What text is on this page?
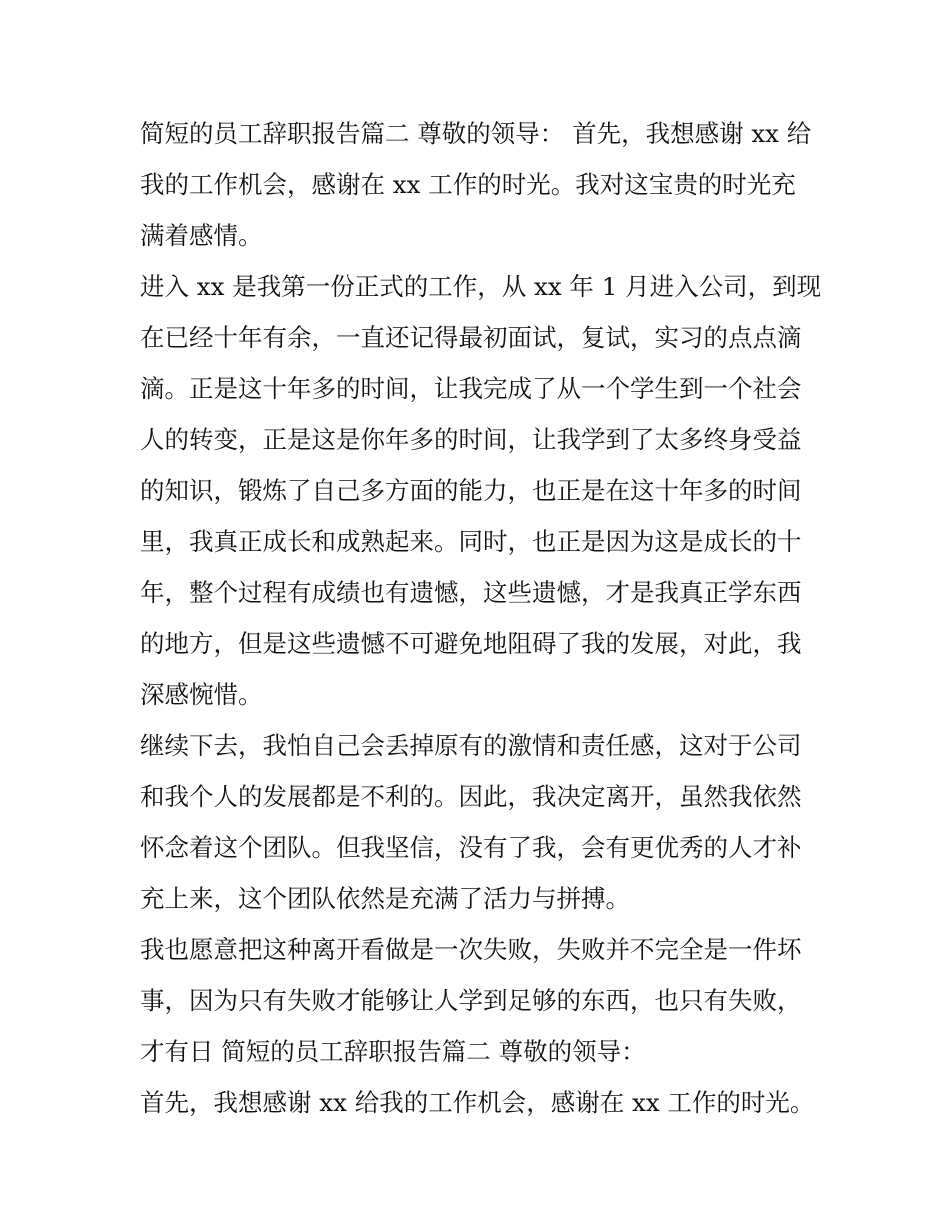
简短的员工辞职报告篇二 尊敬的领导： 首先，我想感谢 xx 给
我的工作机会，感谢在 xx 工作的时光。我对这宝贵的时光充
满着感情。
进入 xx 是我第一份正式的工作，从 xx 年 1 月进入公司，到现
在已经十年有余，一直还记得最初面试，复试，实习的点点滴
滴。正是这十年多的时间，让我完成了从一个学生到一个社会
人的转变，正是这是你年多的时间，让我学到了太多终身受益
的知识，锻炼了自己多方面的能力，也正是在这十年多的时间
里，我真正成长和成熟起来。同时，也正是因为这是成长的十
年，整个过程有成绩也有遗憾，这些遗憾，才是我真正学东西
的地方，但是这些遗憾不可避免地阻碍了我的发展，对此，我
深感惋惜。
继续下去，我怕自己会丢掉原有的激情和责任感，这对于公司
和我个人的发展都是不利的。因此，我决定离开，虽然我依然
怀念着这个团队。但我坚信，没有了我，会有更优秀的人才补
充上来，这个团队依然是充满了活力与拼搏。
我也愿意把这种离开看做是一次失败，失败并不完全是一件坏
事，因为只有失败才能够让人学到足够的东西，也只有失败，
才有日 简短的员工辞职报告篇二 尊敬的领导：
首先，我想感谢 xx 给我的工作机会，感谢在 xx 工作的时光。
